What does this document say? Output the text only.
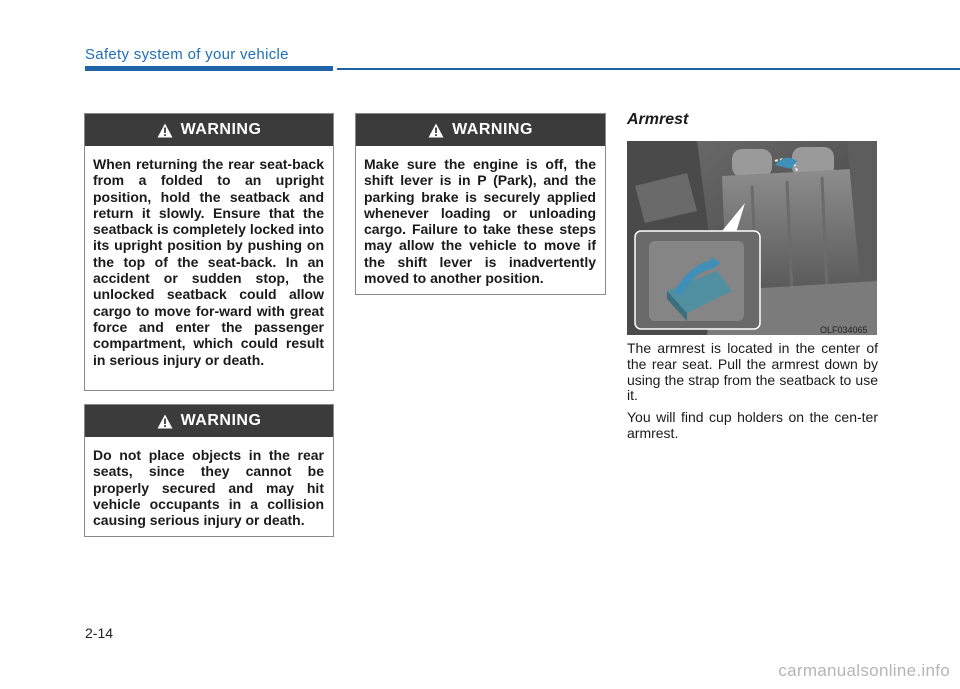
Safety system of your vehicle
WARNING
When returning the rear seat-back from a folded to an upright position, hold the seatback and return it slowly. Ensure that the seatback is completely locked into its upright position by pushing on the top of the seat-back. In an accident or sudden stop, the unlocked seatback could allow cargo to move for-ward with great force and enter the passenger compartment, which could result in serious injury or death.
WARNING
Do not place objects in the rear seats, since they cannot be properly secured and may hit vehicle occupants in a collision causing serious injury or death.
WARNING
Make sure the engine is off, the shift lever is in P (Park), and the parking brake is securely applied whenever loading or unloading cargo. Failure to take these steps may allow the vehicle to move if the shift lever is inadvertently moved to another position.
Armrest
OLF034065

The armrest is located in the center of the rear seat. Pull the armrest down by using the strap from the seatback to use it.

You will find cup holders on the cen-ter armrest.

2-14
carmanualsonline.info
